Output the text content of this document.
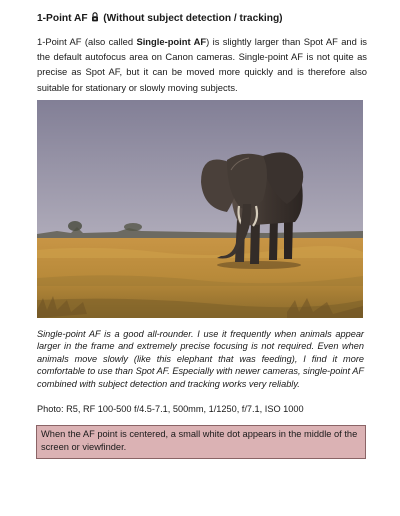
1-Point AF (Without subject detection / tracking)

1-Point AF (also called Single-point AF) is slightly larger than Spot AF and is the default autofocus area on Canon cameras. Single-point AF is not quite as precise as Spot AF, but it can be moved more quickly and is therefore also suitable for stationary or slowly moving subjects.

Single-point AF is a good all-rounder. I use it frequently when animals appear larger in the frame and extremely precise focusing is not required. Even when animals move slowly (like this elephant that was feeding), I find it more comfortable to use than Spot AF. Especially with newer cameras, single-point AF combined with subject detection and tracking works very reliably.

Photo: R5, RF 100-500 f/4.5-7.1, 500mm, 1/1250, f/7.1, ISO 1000

When the AF point is centered, a small white dot appears in the middle of the screen or viewfinder.
